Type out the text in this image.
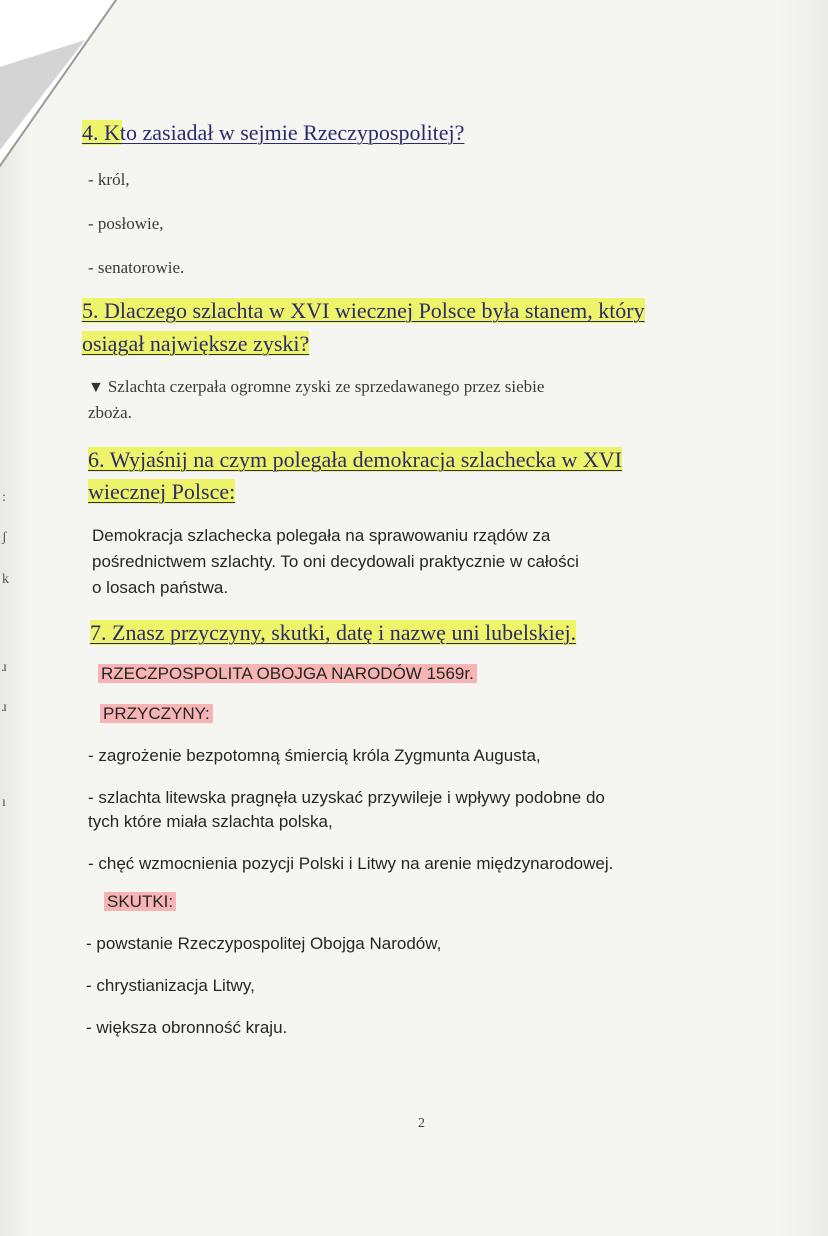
:
ʃ
k
ɹ
ɹ
ı
4. Kto zasiadał w sejmie Rzeczypospolitej?
- król,
- posłowie,
- senatorowie.
5. Dlaczego szlachta w XVI wiecznej Polsce była stanem, który
osiągał największe zyski?
▼ Szlachta czerpała ogromne zyski ze sprzedawanego przez siebie
zboża.
6. Wyjaśnij na czym polegała demokracja szlachecka w XVI
wiecznej Polsce:
Demokracja szlachecka polegała na sprawowaniu rządów za
pośrednictwem szlachty. To oni decydowali praktycznie w całości
o losach państwa.
7. Znasz przyczyny, skutki, datę i nazwę uni lubelskiej.
RZECZPOSPOLITA OBOJGA NARODÓW 1569r.
PRZYCZYNY:
- zagrożenie bezpotomną śmiercią króla Zygmunta Augusta,
- szlachta litewska pragnęła uzyskać przywileje i wpływy podobne do
tych które miała szlachta polska,
- chęć wzmocnienia pozycji Polski i Litwy na arenie międzynarodowej.
SKUTKI:
- powstanie Rzeczypospolitej Obojga Narodów,
- chrystianizacja Litwy,
- większa obronność kraju.
2
